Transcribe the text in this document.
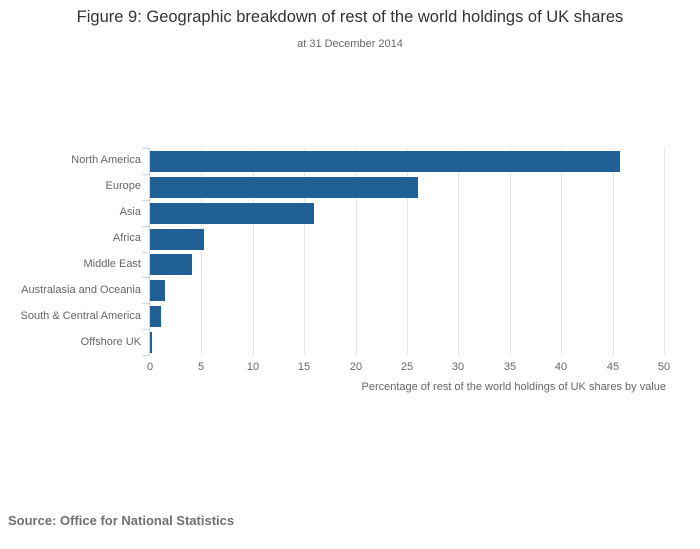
Figure 9: Geographic breakdown of rest of the world holdings of UK shares
at 31 December 2014
0	5	10	15	20	25	30	35	40	45	50
North America
Europe
Asia
Africa
Middle East
Australasia and Oceania
South & Central America
Offshore UK
Percentage of rest of the world holdings of UK shares by value
Source: Office for National Statistics
